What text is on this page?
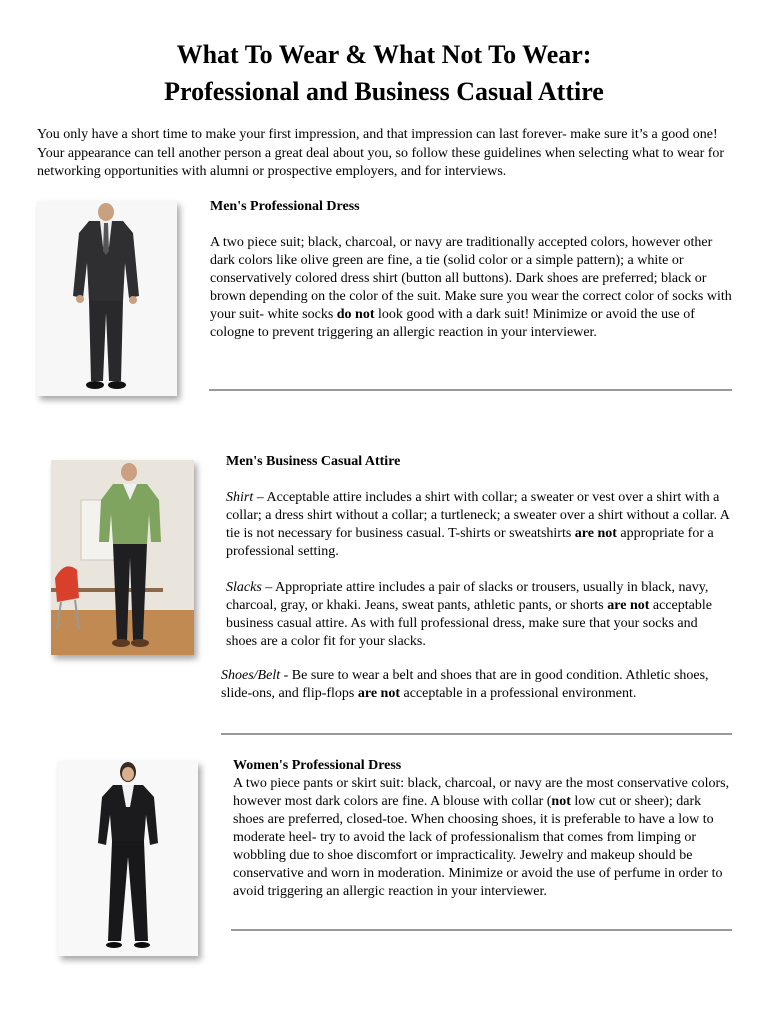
What To Wear & What Not To Wear:
Professional and Business Casual Attire
You only have a short time to make your first impression, and that impression can last forever- make sure it’s a good one! Your appearance can tell another person a great deal about you, so follow these guidelines when selecting what to wear for networking opportunities with alumni or prospective employers, and for interviews.

Men's Professional Dress

A two piece suit; black, charcoal, or navy are traditionally accepted colors, however other dark colors like olive green are fine, a tie (solid color or a simple pattern); a white or conservatively colored dress shirt (button all buttons). Dark shoes are preferred; black or brown depending on the color of the suit. Make sure you wear the correct color of socks with your suit- white socks do not look good with a dark suit! Minimize or avoid the use of cologne to prevent triggering an allergic reaction in your interviewer.

Men's Business Casual Attire

Shirt – Acceptable attire includes a shirt with collar; a sweater or vest over a shirt with a collar; a dress shirt without a collar; a turtleneck; a sweater over a shirt without a collar. A tie is not necessary for business casual. T-shirts or sweatshirts are not appropriate for a professional setting.

Slacks – Appropriate attire includes a pair of slacks or trousers, usually in black, navy, charcoal, gray, or khaki. Jeans, sweat pants, athletic pants, or shorts are not acceptable business casual attire. As with full professional dress, make sure that your socks and shoes are a color fit for your slacks.

Shoes/Belt - Be sure to wear a belt and shoes that are in good condition. Athletic shoes, slide-ons, and flip-flops are not acceptable in a professional environment.

Women's Professional Dress

A two piece pants or skirt suit: black, charcoal, or navy are the most conservative colors, however most dark colors are fine. A blouse with collar (not low cut or sheer); dark shoes are preferred, closed-toe. When choosing shoes, it is preferable to have a low to moderate heel- try to avoid the lack of professionalism that comes from limping or wobbling due to shoe discomfort or impracticality. Jewelry and makeup should be conservative and worn in moderation. Minimize or avoid the use of perfume in order to avoid triggering an allergic reaction in your interviewer.
